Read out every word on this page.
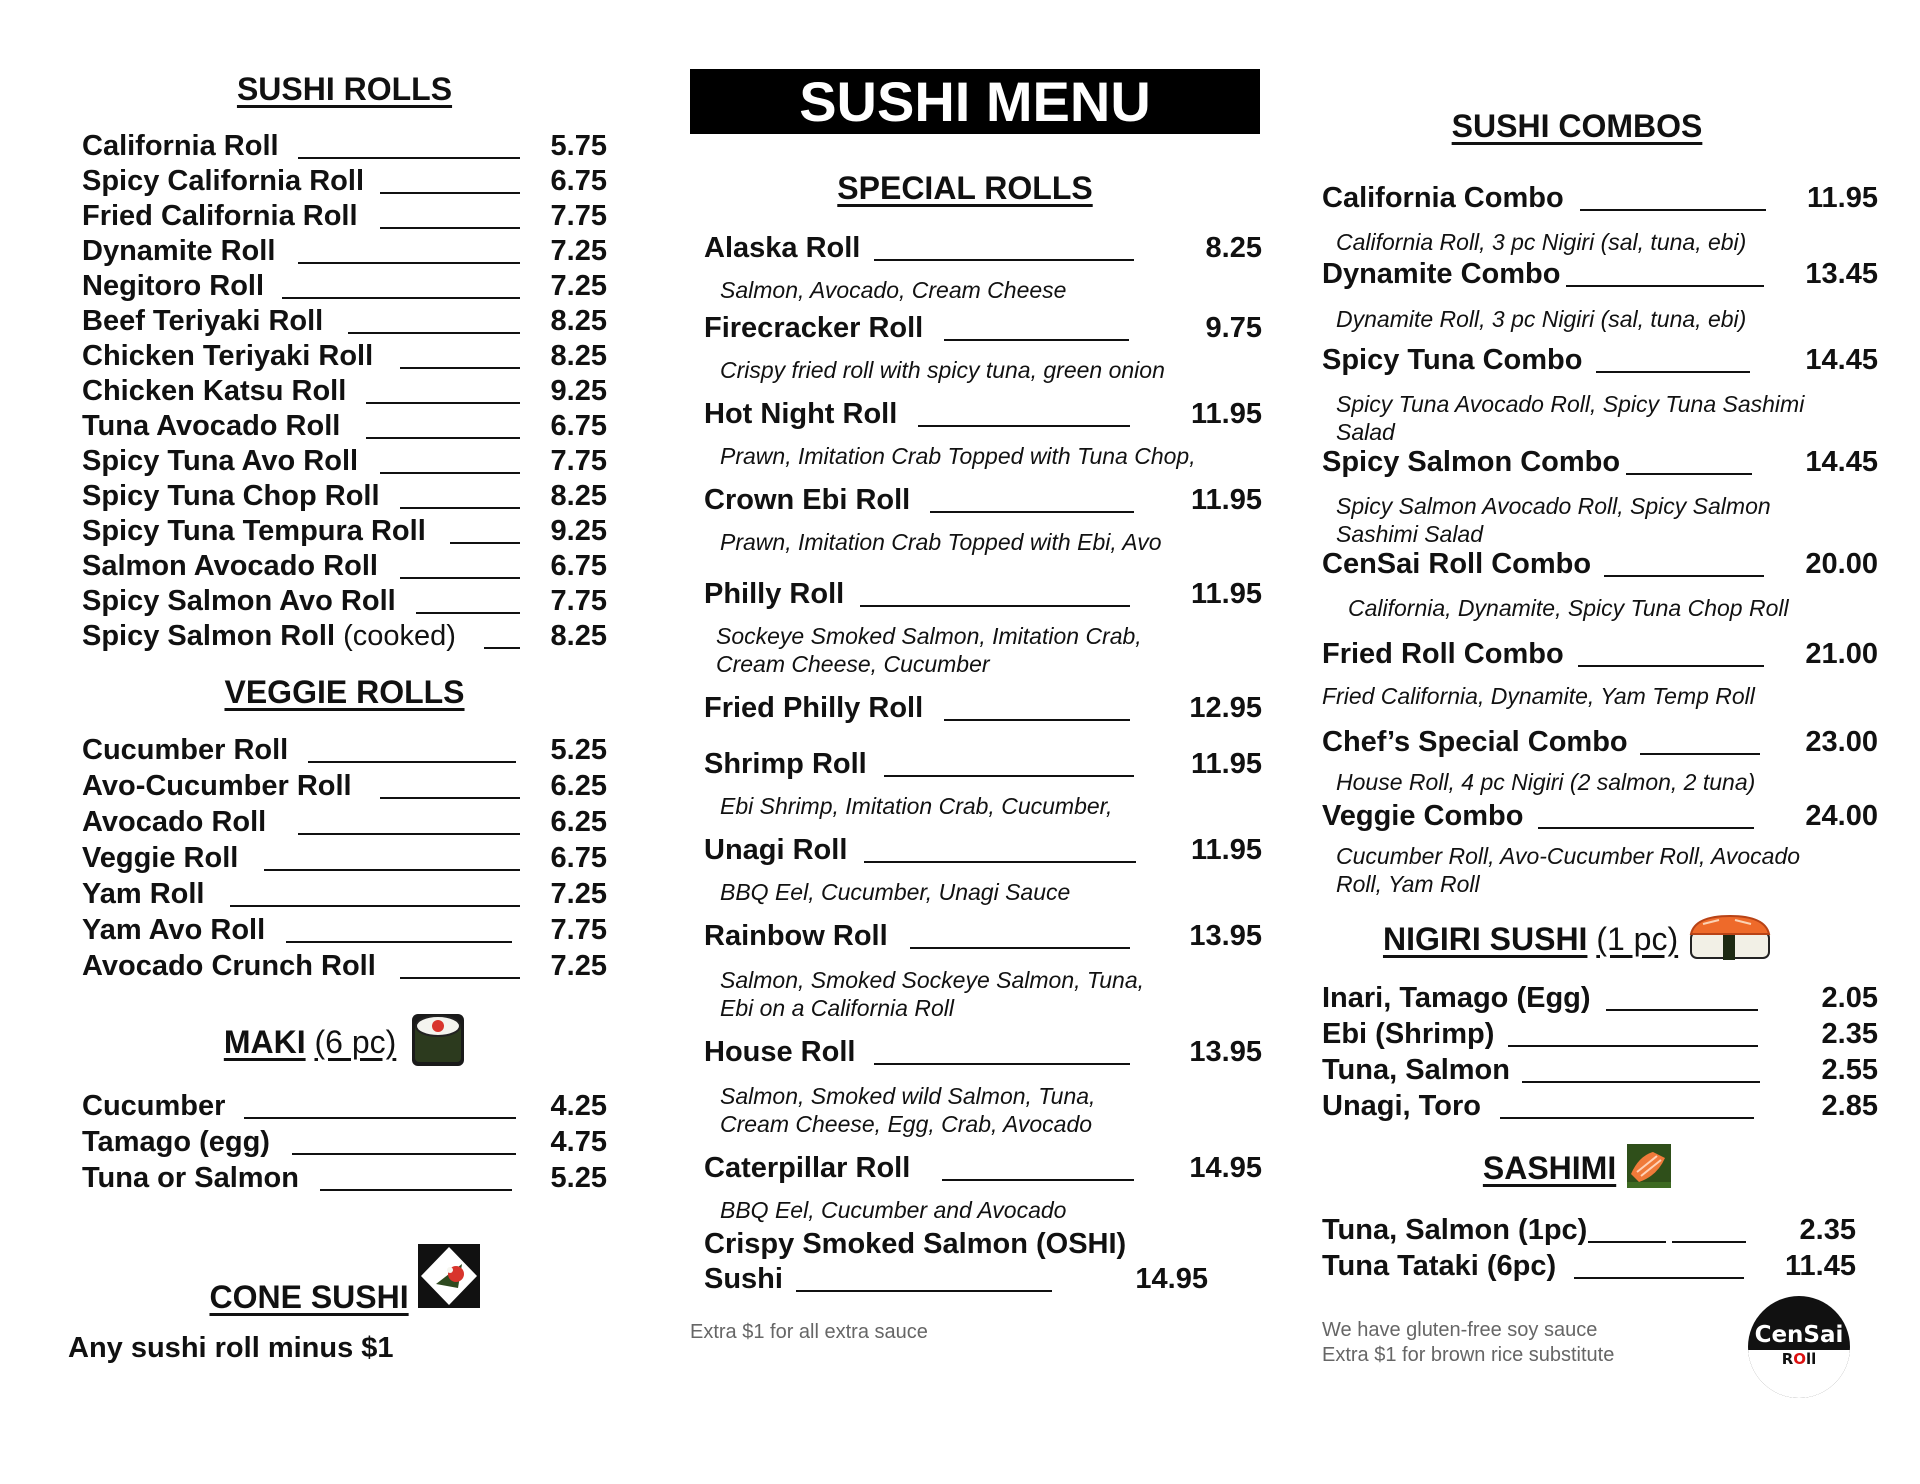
SUSHI ROLLS
California Roll	5.75
Spicy California Roll	6.75
Fried California Roll	7.75
Dynamite Roll	7.25
Negitoro Roll	7.25
Beef Teriyaki Roll	8.25
Chicken Teriyaki Roll	8.25
Chicken Katsu Roll	9.25
Tuna Avocado Roll	6.75
Spicy Tuna Avo Roll	7.75
Spicy Tuna Chop Roll	8.25
Spicy Tuna Tempura Roll	9.25
Salmon Avocado Roll	6.75
Spicy Salmon Avo Roll	7.75
Spicy Salmon Roll (cooked)	8.25
VEGGIE ROLLS
Cucumber Roll	5.25
Avo-Cucumber Roll	6.25
Avocado Roll	6.25
Veggie Roll	6.75
Yam Roll	7.25
Yam Avo Roll	7.75
Avocado Crunch Roll	7.25
MAKI (6 pc)
Cucumber	4.25
Tamago (egg)	4.75
Tuna or Salmon	5.25
CONE SUSHI
Any sushi roll minus $1
SUSHI MENU
SPECIAL ROLLS
Alaska Roll	8.25
Salmon, Avocado, Cream Cheese
Firecracker Roll	9.75
Crispy fried roll with spicy tuna, green onion
Hot Night Roll	11.95
Prawn, Imitation Crab Topped with Tuna Chop,
Crown Ebi Roll	11.95
Prawn, Imitation Crab Topped with Ebi, Avo
Philly Roll	11.95
Sockeye Smoked Salmon, Imitation Crab,
Cream Cheese, Cucumber
Fried Philly Roll	12.95
Shrimp Roll	11.95
Ebi Shrimp, Imitation Crab, Cucumber,
Unagi Roll	11.95
BBQ Eel, Cucumber, Unagi Sauce
Rainbow Roll	13.95
Salmon, Smoked Sockeye Salmon, Tuna,
Ebi on a California Roll
House Roll	13.95
Salmon, Smoked wild Salmon, Tuna,
Cream Cheese, Egg, Crab, Avocado
Caterpillar Roll	14.95
BBQ Eel, Cucumber and Avocado
Crispy Smoked Salmon (OSHI)
Sushi	14.95
Extra $1 for all extra sauce
SUSHI COMBOS
California Combo	11.95
California Roll, 3 pc Nigiri (sal, tuna, ebi)
Dynamite Combo	13.45
Dynamite Roll, 3 pc Nigiri (sal, tuna, ebi)
Spicy Tuna Combo	14.45
Spicy Tuna Avocado Roll, Spicy Tuna Sashimi
Salad
Spicy Salmon Combo	14.45
Spicy Salmon Avocado Roll, Spicy Salmon
Sashimi Salad
CenSai Roll Combo	20.00
California, Dynamite, Spicy Tuna Chop Roll
Fried Roll Combo	21.00
Fried California, Dynamite, Yam Temp Roll
Chef’s Special Combo	23.00
House Roll, 4 pc Nigiri (2 salmon, 2 tuna)
Veggie Combo	24.00
Cucumber Roll, Avo-Cucumber Roll, Avocado
Roll, Yam Roll
NIGIRI SUSHI (1 pc)
Inari, Tamago (Egg)	2.05
Ebi (Shrimp)	2.35
Tuna, Salmon	2.55
Unagi, Toro	2.85
SASHIMI
Tuna, Salmon (1pc)	2.35
Tuna Tataki (6pc)	11.45
We have gluten-free soy sauce
Extra $1 for brown rice substitute
CenSai
ROll
